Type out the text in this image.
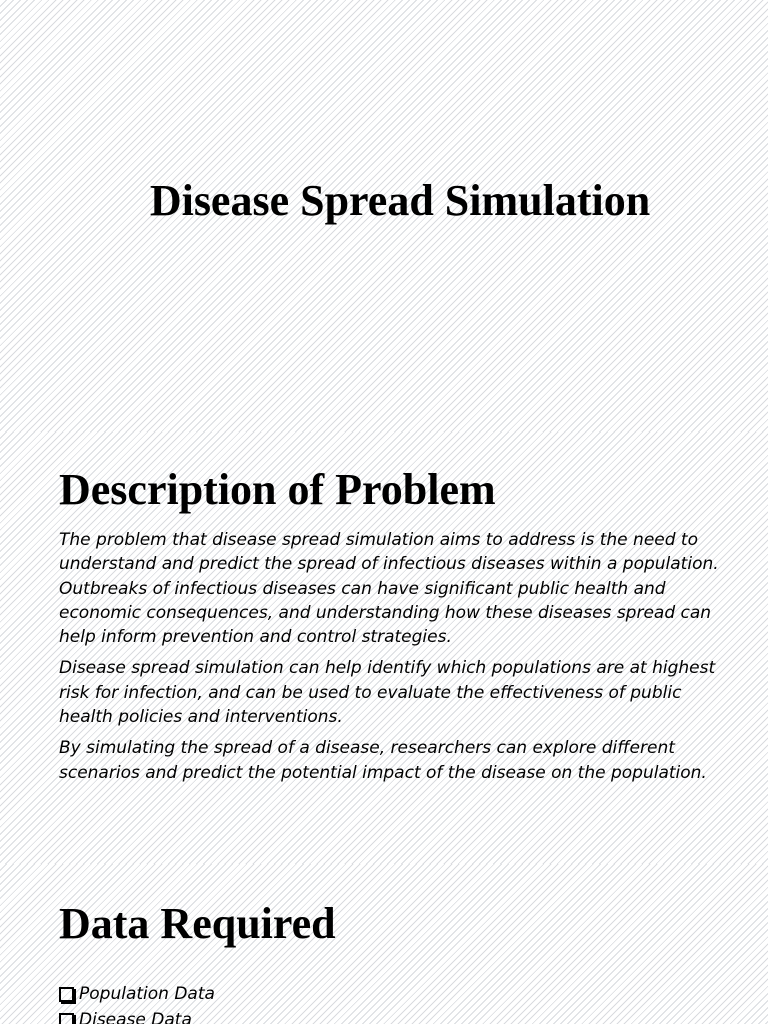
Disease Spread Simulation
Description of Problem

The problem that disease spread simulation aims to address is the need to understand and predict the spread of infectious diseases within a population. Outbreaks of infectious diseases can have significant public health and economic consequences, and understanding how these diseases spread can help inform prevention and control strategies.

Disease spread simulation can help identify which populations are at highest risk for infection, and can be used to evaluate the effectiveness of public health policies and interventions.

By simulating the spread of a disease, researchers can explore different scenarios and predict the potential impact of the disease on the population.

Data Required
Population Data
Disease Data
